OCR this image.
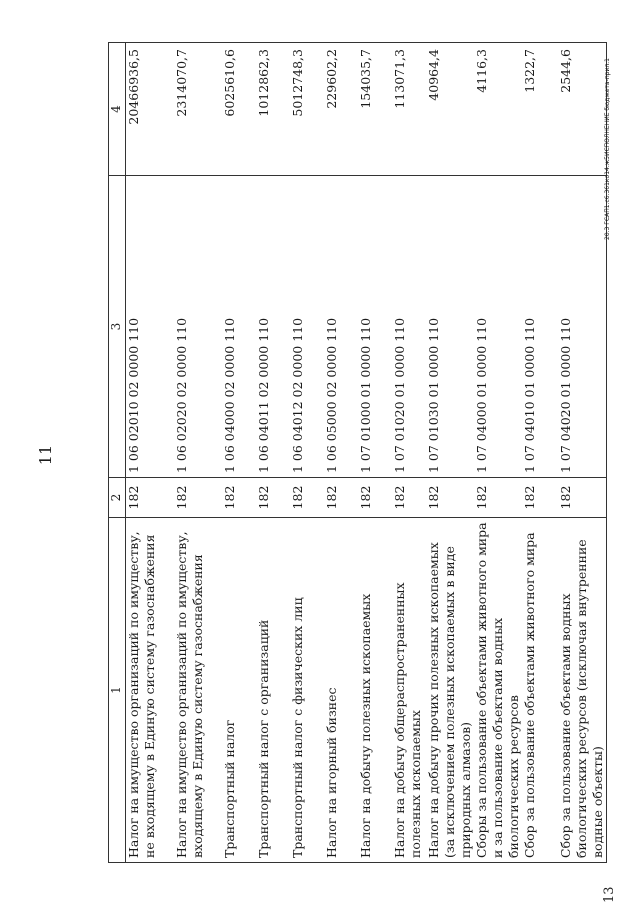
11
1	2	3	4
Налог на имущество организаций по имуществу, не входящему в Единую систему газоснабжения	182	1 06 02010 02 0000 110	20466936,5
Налог на имущество организаций по имуществу, входящему в Единую систему газоснабжения	182	1 06 02020 02 0000 110	2314070,7
Транспортный налог	182	1 06 04000 02 0000 110	6025610,6
Транспортный налог с организаций	182	1 06 04011 02 0000 110	1012862,3
Транспортный налог с физических лиц	182	1 06 04012 02 0000 110	5012748,3
Налог на игорный бизнес	182	1 06 05000 02 0000 110	229602,2
Налог на добычу полезных ископаемых	182	1 07 01000 01 0000 110	154035,7
Налог на добычу общераспространенных полезных ископаемых	182	1 07 01020 01 0000 110	113071,3
Налог на добычу прочих полезных ископаемых (за исключением полезных ископаемых в виде природных алмазов)	182	1 07 01030 01 0000 110	40964,4
Сборы за пользование объектами животного мира и за пользование объектами водных биологических ресурсов	182	1 07 04000 01 0000 110	4116,3
Сбор за пользование объектами животного мира	182	1 07 04010 01 0000 110	1322,7
Сбор за пользование объектами водных биологических ресурсов (исключая внутренние водные объекты)	182	1 07 04020 01 0000 110	2544,6
13
20.3 ГСАП1.с6.361ко14.ж5ИСПОЛНЕНИЕ бюджета-прил.1
